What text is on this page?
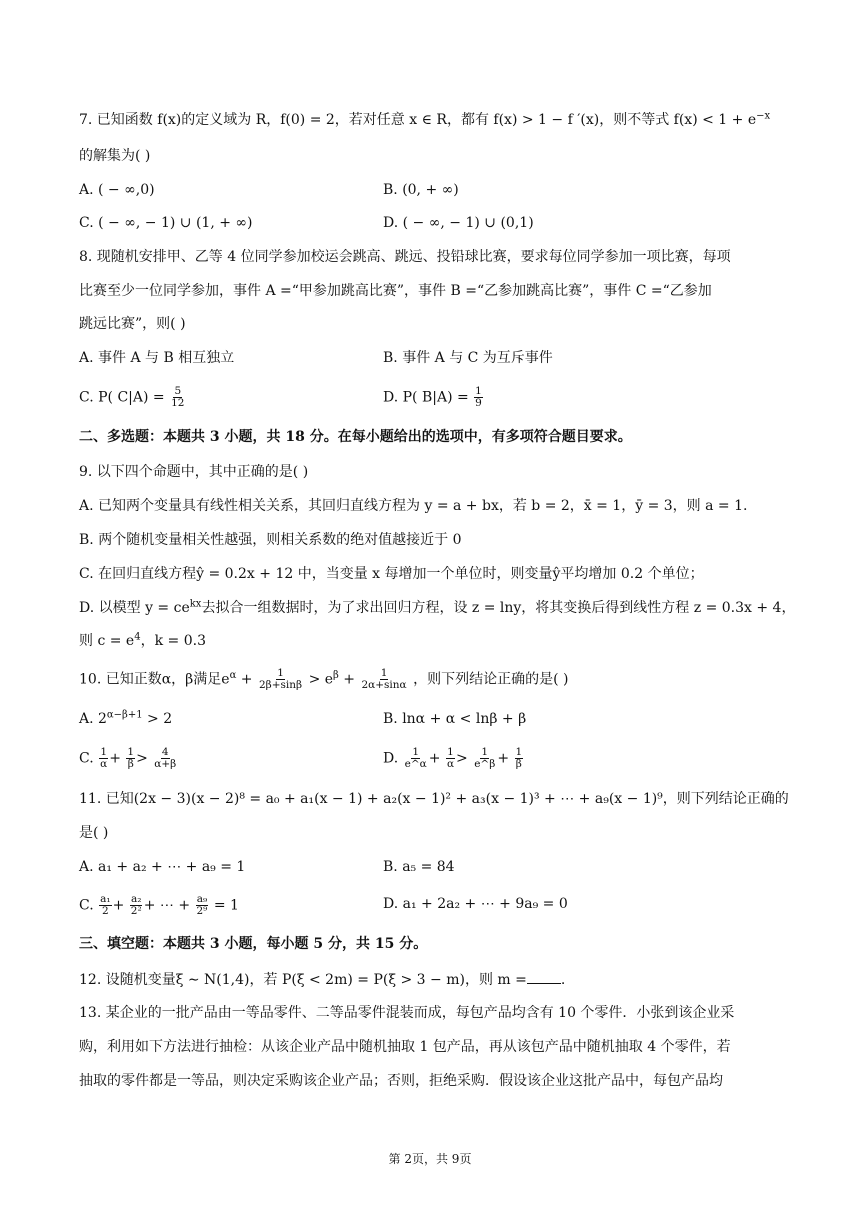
7. 已知函数 f(x)的定义域为 R，f(0) = 2，若对任意 x ∈ R，都有 f(x) > 1 − f ′(x)，则不等式 $f(x) < 1 + e^{-x}$
的解集为( )
A. ( − ∞,0)	B. (0, + ∞)
C. ( − ∞, − 1) ∪ (1, + ∞)	D. ( − ∞, − 1) ∪ (0,1)
8. 现随机安排甲、乙等 4 位同学参加校运会跳高、跳远、投铅球比赛，要求每位同学参加一项比赛，每项
比赛至少一位同学参加，事件 A =“甲参加跳高比赛”，事件 B =“乙参加跳高比赛”，事件 C =“乙参加
跳远比赛”，则( )
A. 事件 A 与 B 相互独立	B. 事件 A 与 C 为互斥事件
C. P( $C|A) = \frac{5}{12}$	D. P( $B|A) = \frac{1}{9}$
二、多选题：本题共 3 小题，共 18 分。在每小题给出的选项中，有多项符合题目要求。
9. 以下四个命题中，其中正确的是( )
A. 已知两个变量具有线性相关关系，其回归直线方程为 y = a + bx，若 b = 2，x̄ = 1，ȳ = 3，则 a = 1.
B. 两个随机变量相关性越强，则相关系数的绝对值越接近于 0
C. 在回归直线方程ŷ = 0.2x + 12 中，当变量 x 每增加一个单位时，则变量ŷ平均增加 0.2 个单位；
D. 以模型 $y = ce^{kx}$去拟合一组数据时，为了求出回归方程，设 z = lny，将其变换后得到线性方程 z = 0.3x + 4，
则 $c = e^4$，k = 0.3
10. 已知正数α，β满足$e^\alpha + \frac{1}{2\beta+\sin\beta} > e^\beta + \frac{1}{2\alpha+\sin\alpha}$ ，则下列结论正确的是( )
A. $2^{\alpha-\beta+1} > 2$	B. lnα + α < lnβ + β
C. $\frac{1}{\alpha} + \frac{1}{\beta} > \frac{4}{\alpha+\beta}$	D. $\frac{1}{e\^{}\alpha} + \frac{1}{\alpha} > \frac{1}{e\^{}\beta} + \frac{1}{\beta}$
11. 已知(2x − 3)(x − 2)⁸ = a₀ + a₁(x − 1) + a₂(x − 1)² + a₃(x − 1)³ + ⋯ + a₉(x − 1)⁹，则下列结论正确的
是( )
A. a₁ + a₂ + ⋯ + a₉ = 1	B. a₅ = 84
C. $\frac{\text{a₁}}{2} + \frac{\text{a₂}}{\text{2²}}$ + ⋯ + $\frac{\text{a₉}}{\text{2⁹}} = 1$	D. a₁ + 2a₂ + ⋯ + 9a₉ = 0
三、填空题：本题共 3 小题，每小题 5 分，共 15 分。
12. 设随机变量ξ ∼ N(1,4)，若 P(ξ < 2m) = P(ξ > 3 − m)，则 m = .
13. 某企业的一批产品由一等品零件、二等品零件混装而成，每包产品均含有 10 个零件．小张到该企业采
购，利用如下方法进行抽检：从该企业产品中随机抽取 1 包产品，再从该包产品中随机抽取 4 个零件，若
抽取的零件都是一等品，则决定采购该企业产品；否则，拒绝采购．假设该企业这批产品中，每包产品均
第 2页，共 9页
